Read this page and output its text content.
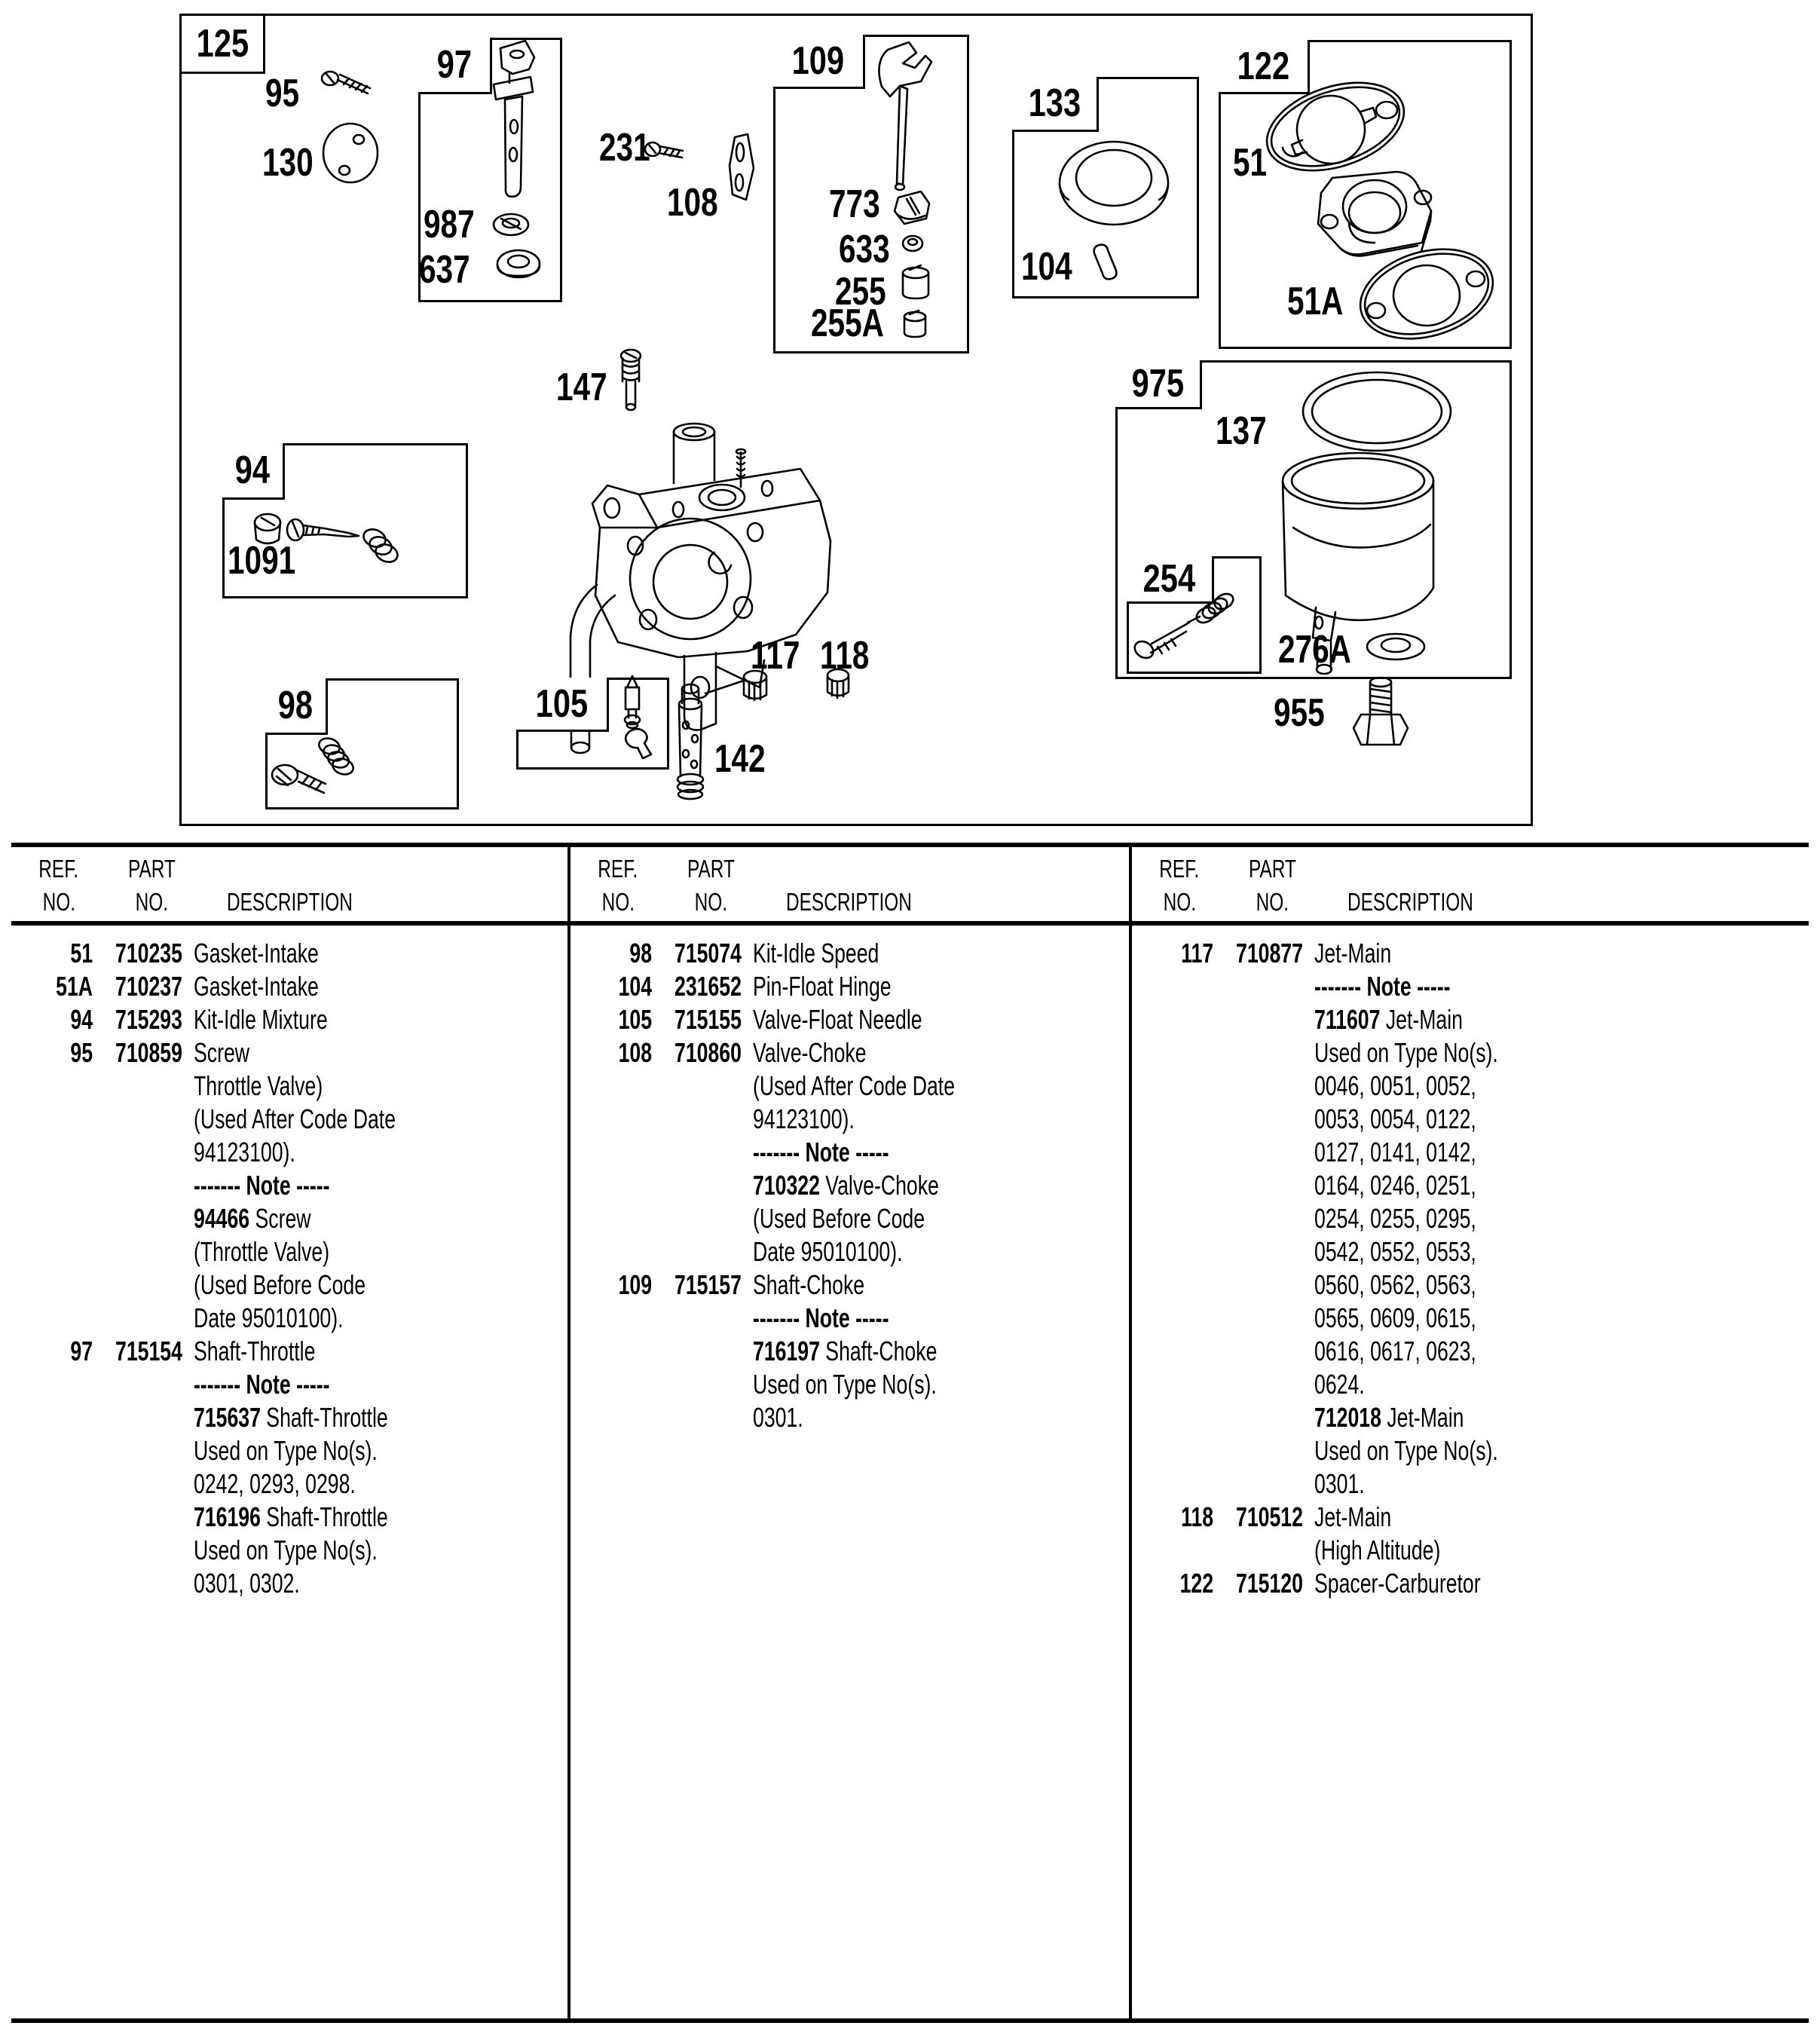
125	97	109
133
122
94
98	105
975
254
95
130
987
637
231
108	773
633
255
255A
104
51
51A
147
1091
117 118
142
137
276A
955
REF.
NO.
PART
NO.	DESCRIPTION
51 710235 Gasket-Intake
51A 710237 Gasket-Intake
94 715293 Kit-Idle Mixture
95 710859 Screw
Throttle Valve)
(Used After Code Date
94123100).
------- Note -----
94466 Screw
(Throttle Valve)
(Used Before Code
Date 95010100).
97 715154 Shaft-Throttle
------- Note -----
715637 Shaft-Throttle
Used on Type No(s).
0242, 0293, 0298.
716196 Shaft-Throttle
Used on Type No(s).
0301, 0302.
REF.
NO.
PART
NO.	DESCRIPTION
98 715074 Kit-Idle Speed
104 231652 Pin-Float Hinge
105 715155 Valve-Float Needle
108 710860 Valve-Choke
(Used After Code Date
94123100).
------- Note -----
710322 Valve-Choke
(Used Before Code
Date 95010100).
109 715157 Shaft-Choke
------- Note -----
716197 Shaft-Choke
Used on Type No(s).
0301.
REF.
NO.
PART
NO.	DESCRIPTION
117 710877 Jet-Main
------- Note -----
711607 Jet-Main
Used on Type No(s).
0046, 0051, 0052,
0053, 0054, 0122,
0127, 0141, 0142,
0164, 0246, 0251,
0254, 0255, 0295,
0542, 0552, 0553,
0560, 0562, 0563,
0565, 0609, 0615,
0616, 0617, 0623,
0624.
712018 Jet-Main
Used on Type No(s).
0301.
118 710512 Jet-Main
(High Altitude)
122 715120 Spacer-Carburetor
